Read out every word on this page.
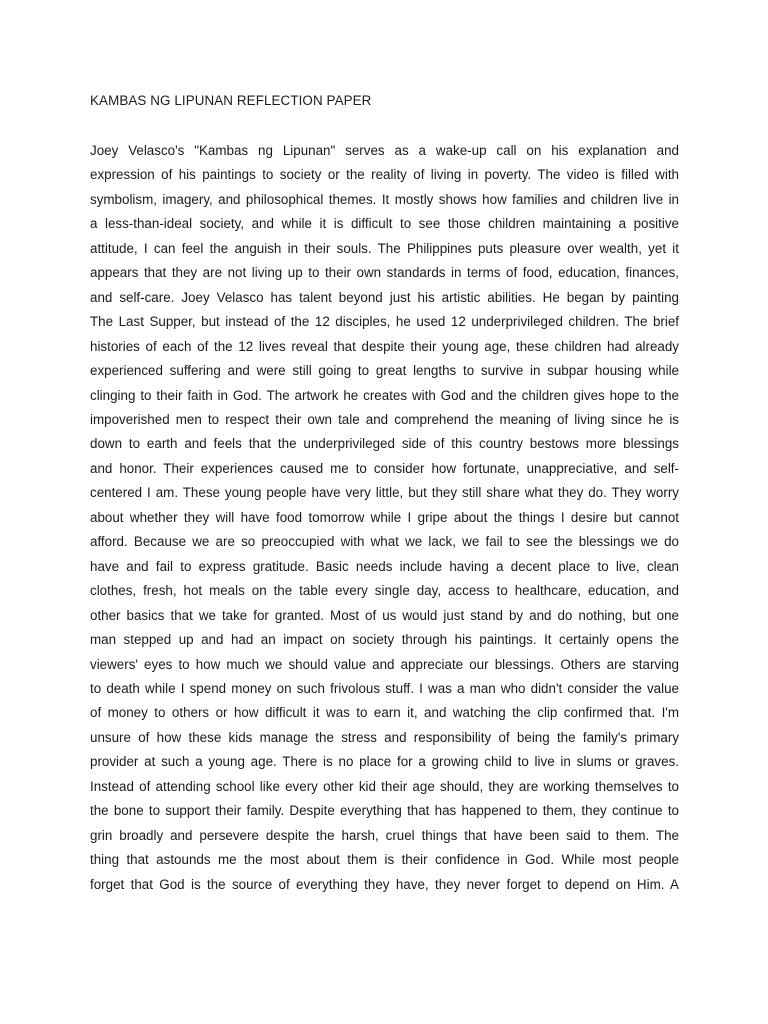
KAMBAS NG LIPUNAN REFLECTION PAPER
Joey Velasco's "Kambas ng Lipunan" serves as a wake-up call on his explanation and
expression of his paintings to society or the reality of living in poverty. The video is filled with
symbolism, imagery, and philosophical themes. It mostly shows how families and children live in
a less-than-ideal society, and while it is difficult to see those children maintaining a positive
attitude, I can feel the anguish in their souls. The Philippines puts pleasure over wealth, yet it
appears that they are not living up to their own standards in terms of food, education, finances,
and self-care. Joey Velasco has talent beyond just his artistic abilities. He began by painting
The Last Supper, but instead of the 12 disciples, he used 12 underprivileged children. The brief
histories of each of the 12 lives reveal that despite their young age, these children had already
experienced suffering and were still going to great lengths to survive in subpar housing while
clinging to their faith in God. The artwork he creates with God and the children gives hope to the
impoverished men to respect their own tale and comprehend the meaning of living since he is
down to earth and feels that the underprivileged side of this country bestows more blessings
and honor. Their experiences caused me to consider how fortunate, unappreciative, and self-
centered I am. These young people have very little, but they still share what they do. They worry
about whether they will have food tomorrow while I gripe about the things I desire but cannot
afford. Because we are so preoccupied with what we lack, we fail to see the blessings we do
have and fail to express gratitude. Basic needs include having a decent place to live, clean
clothes, fresh, hot meals on the table every single day, access to healthcare, education, and
other basics that we take for granted. Most of us would just stand by and do nothing, but one
man stepped up and had an impact on society through his paintings. It certainly opens the
viewers' eyes to how much we should value and appreciate our blessings. Others are starving
to death while I spend money on such frivolous stuff. I was a man who didn't consider the value
of money to others or how difficult it was to earn it, and watching the clip confirmed that. I'm
unsure of how these kids manage the stress and responsibility of being the family's primary
provider at such a young age. There is no place for a growing child to live in slums or graves.
Instead of attending school like every other kid their age should, they are working themselves to
the bone to support their family. Despite everything that has happened to them, they continue to
grin broadly and persevere despite the harsh, cruel things that have been said to them. The
thing that astounds me the most about them is their confidence in God. While most people
forget that God is the source of everything they have, they never forget to depend on Him. A
